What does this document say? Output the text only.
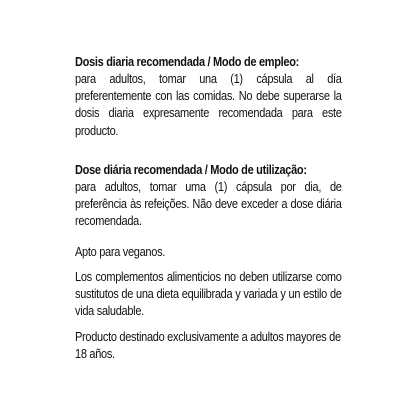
Dosis diaria recomendada / Modo de empleo:
para adultos, tomar una (1) cápsula al día preferentemente con las comidas. No debe superarse la dosis diaria expresamente recomendada para este producto.
Dose diária recomendada / Modo de utilização:
para adultos, tomar uma (1) cápsula por dia, de preferência às refeições. Não deve exceder a dose diária recomendada.
Apto para veganos.
Los complementos alimenticios no deben utilizarse como sustitutos de una dieta equilibrada y variada y un estilo de vida saludable.
Producto destinado exclusivamente a adultos mayores de 18 años.
